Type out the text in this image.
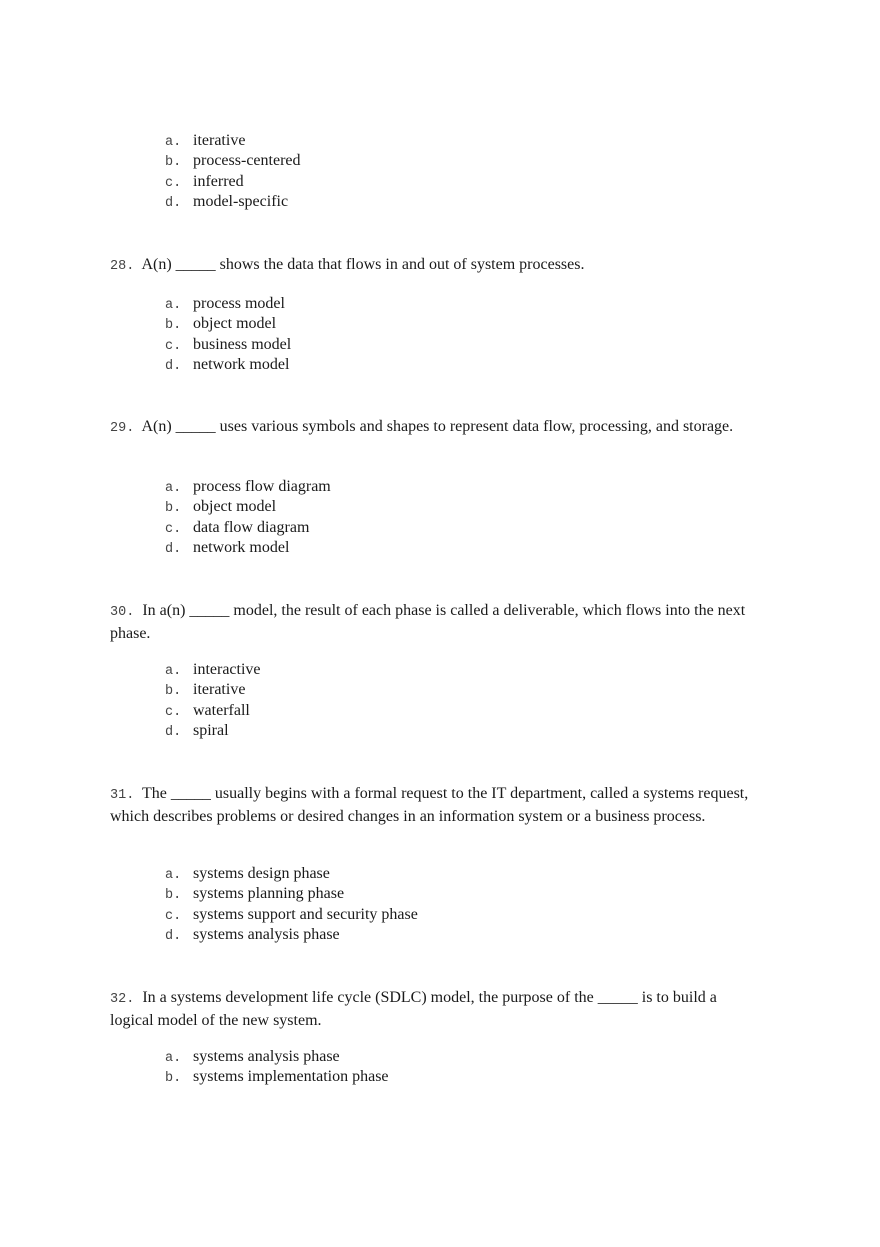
a. iterative
b. process-centered
c. inferred
d. model-specific
28. A(n) _____ shows the data that flows in and out of system processes.
a. process model
b. object model
c. business model
d. network model
29. A(n) _____ uses various symbols and shapes to represent data flow, processing, and storage.
a. process flow diagram
b. object model
c. data flow diagram
d. network model
30. In a(n) _____ model, the result of each phase is called a deliverable, which flows into the next phase.
a. interactive
b. iterative
c. waterfall
d. spiral
31. The _____ usually begins with a formal request to the IT department, called a systems request, which describes problems or desired changes in an information system or a business process.
a. systems design phase
b. systems planning phase
c. systems support and security phase
d. systems analysis phase
32. In a systems development life cycle (SDLC) model, the purpose of the _____ is to build a logical model of the new system.
a. systems analysis phase
b. systems implementation phase
